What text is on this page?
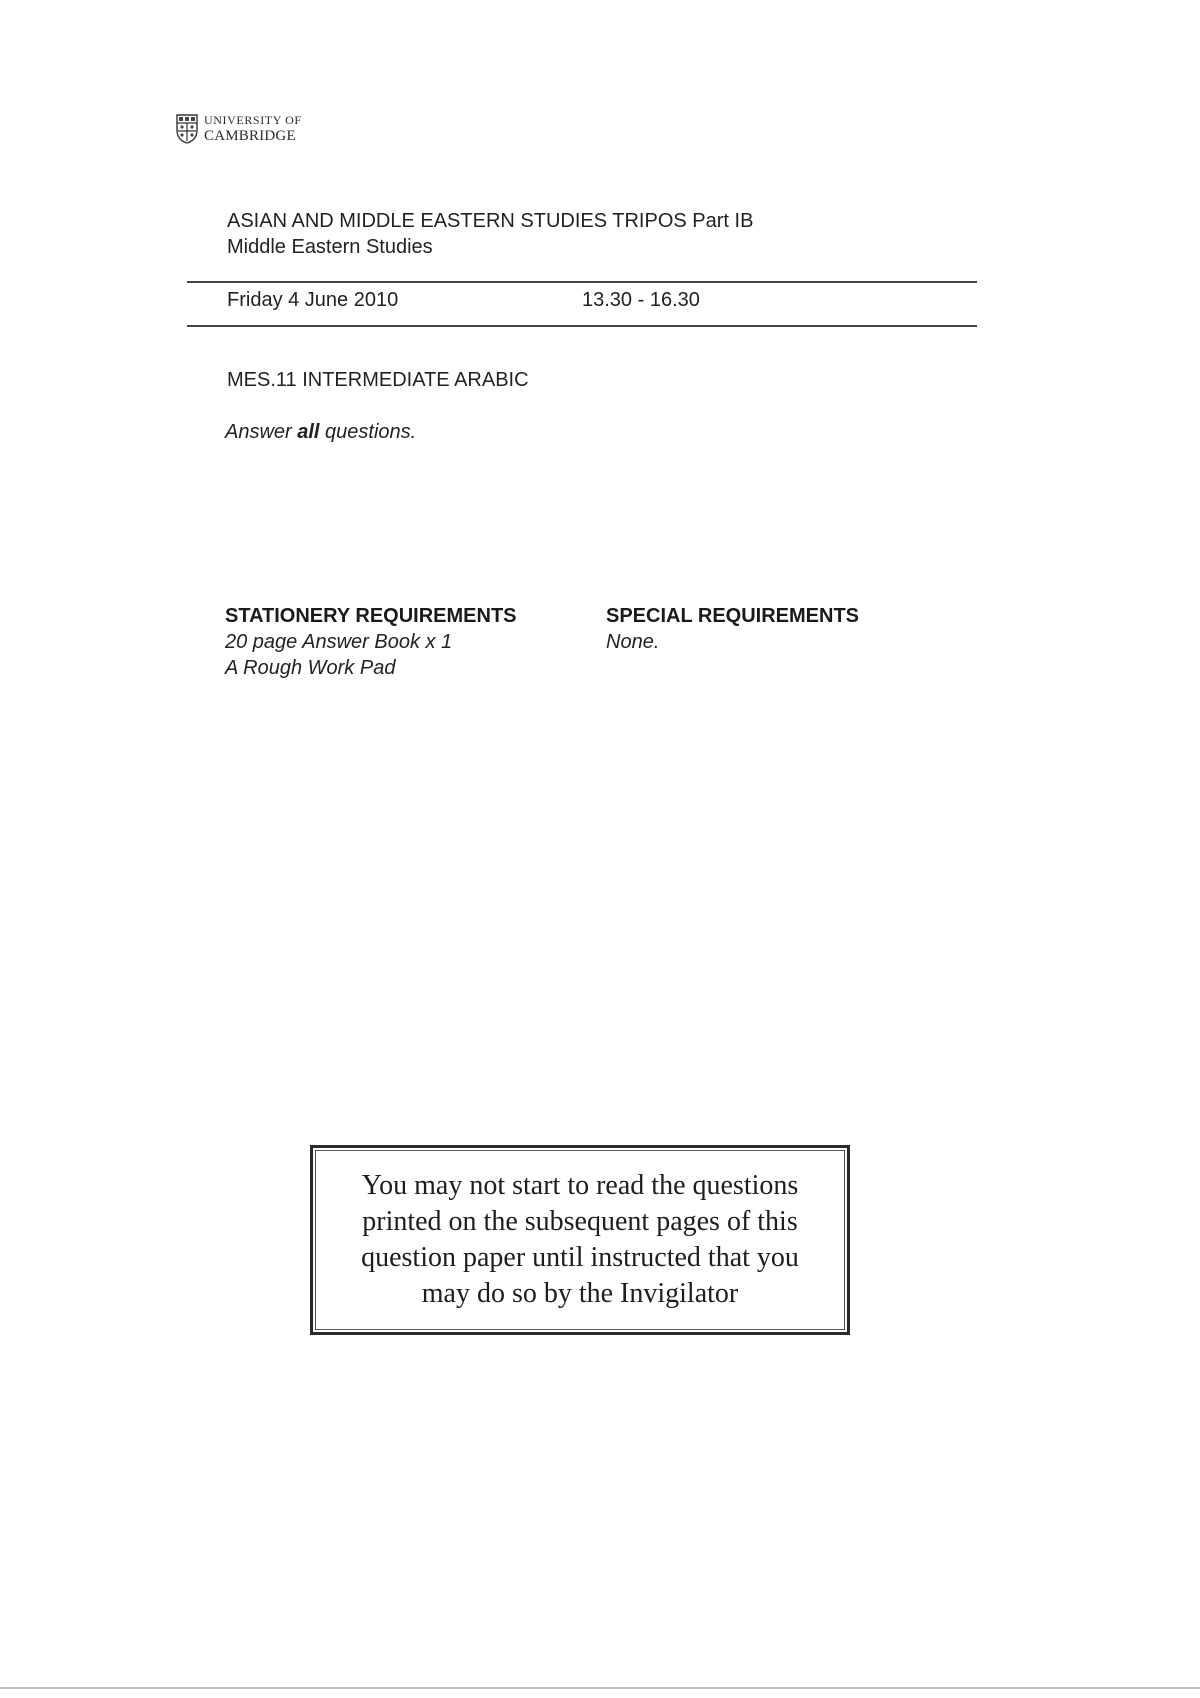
UNIVERSITY OF
CAMBRIDGE
ASIAN AND MIDDLE EASTERN STUDIES TRIPOS Part IB
Middle Eastern Studies
Friday 4 June 2010	13.30 - 16.30
MES.11 INTERMEDIATE ARABIC
Answer all questions.
STATIONERY REQUIREMENTS
20 page Answer Book x 1
A Rough Work Pad
SPECIAL REQUIREMENTS
None.
You may not start to read the questions
printed on the subsequent pages of this
question paper until instructed that you
may do so by the Invigilator
